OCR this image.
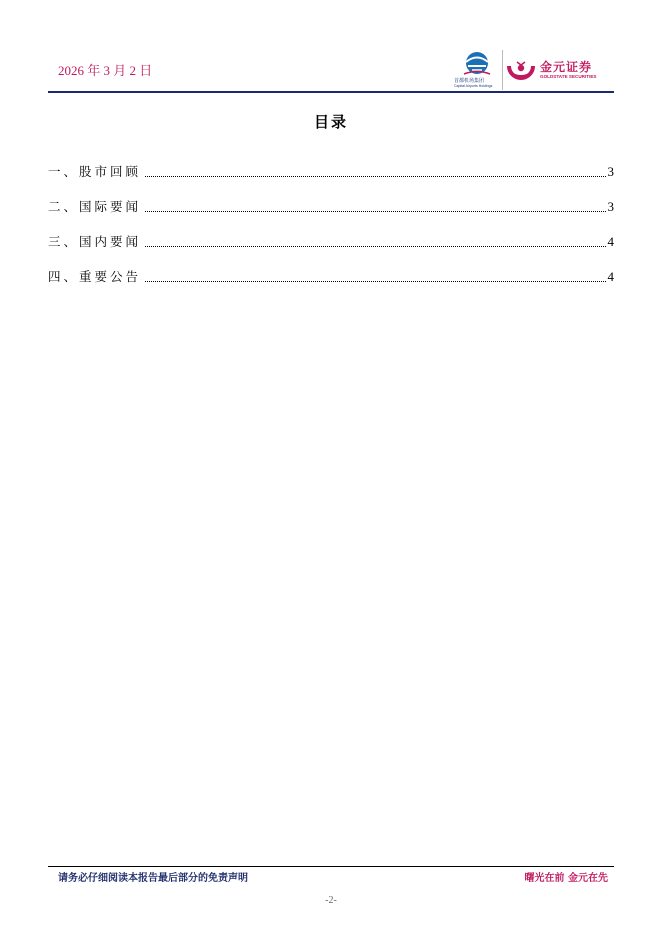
2026 年 3 月 2 日
首都机场集团
Capital Airports Holdings
金元证券
GOLDSTATE SECURITIES
目录
一、股市回顾	3
二、国际要闻	3
三、国内要闻	4
四、重要公告	4
请务必仔细阅读本报告最后部分的免责声明	曙光在前 金元在先
-2-
